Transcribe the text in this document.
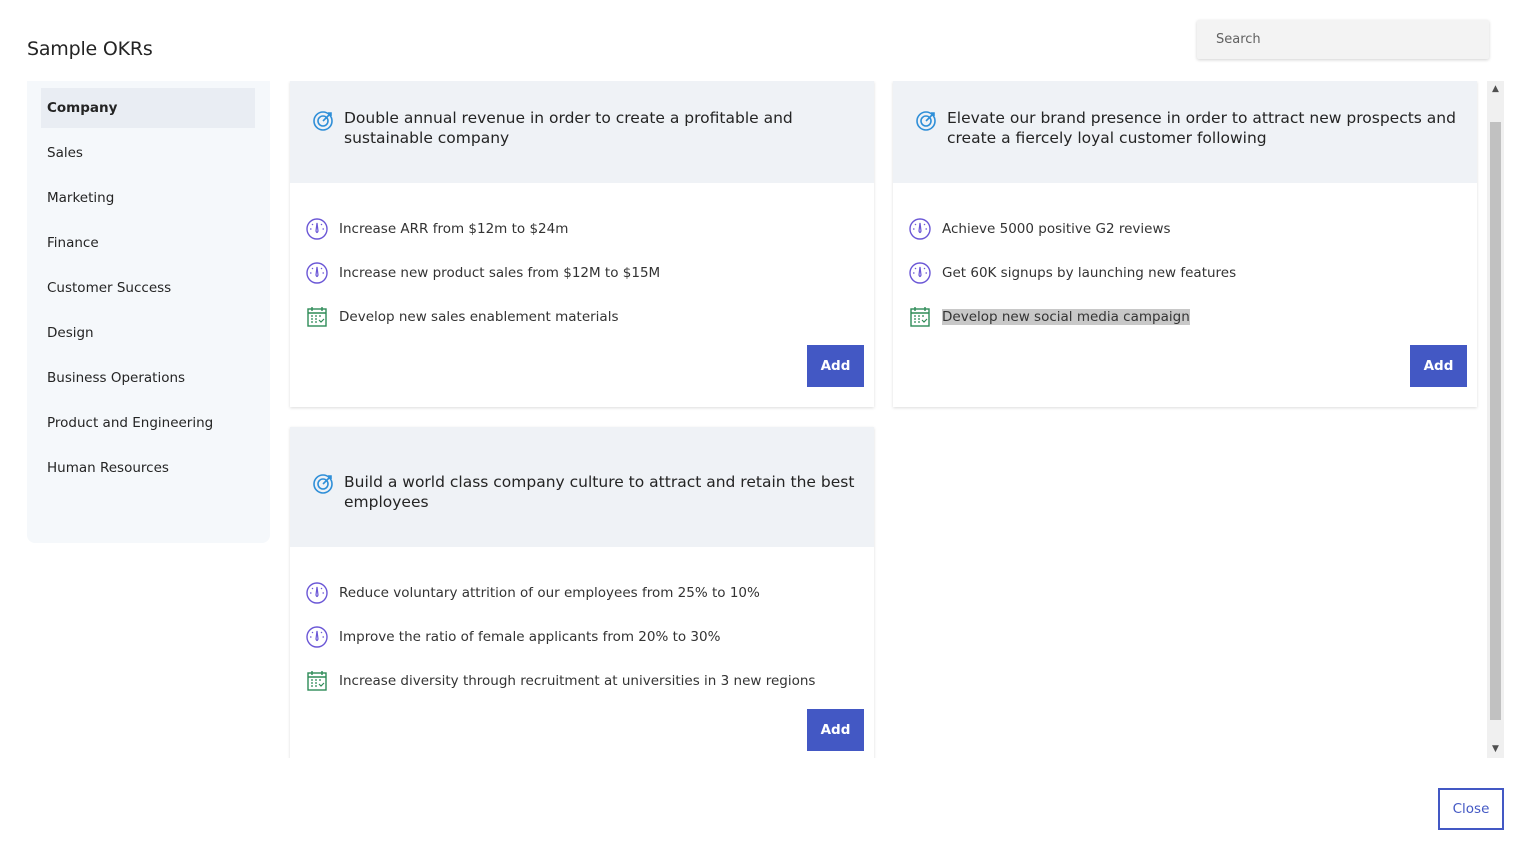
Sample OKRs
Search
Company
Sales
Marketing
Finance
Customer Success
Design
Business Operations
Product and Engineering
Human Resources
Double annual revenue in order to create a profitable and sustainable company
Increase ARR from $12m to $24m
Increase new product sales from $12M to $15M
Develop new sales enablement materials
Add
Elevate our brand presence in order to attract new prospects and create a fiercely loyal customer following
Achieve 5000 positive G2 reviews
Get 60K signups by launching new features
Develop new social media campaign
Add
Build a world class company culture to attract and retain the best employees
Reduce voluntary attrition of our employees from 25% to 10%
Improve the ratio of female applicants from 20% to 30%
Increase diversity through recruitment at universities in 3 new regions
Add
▲
▼
Close
